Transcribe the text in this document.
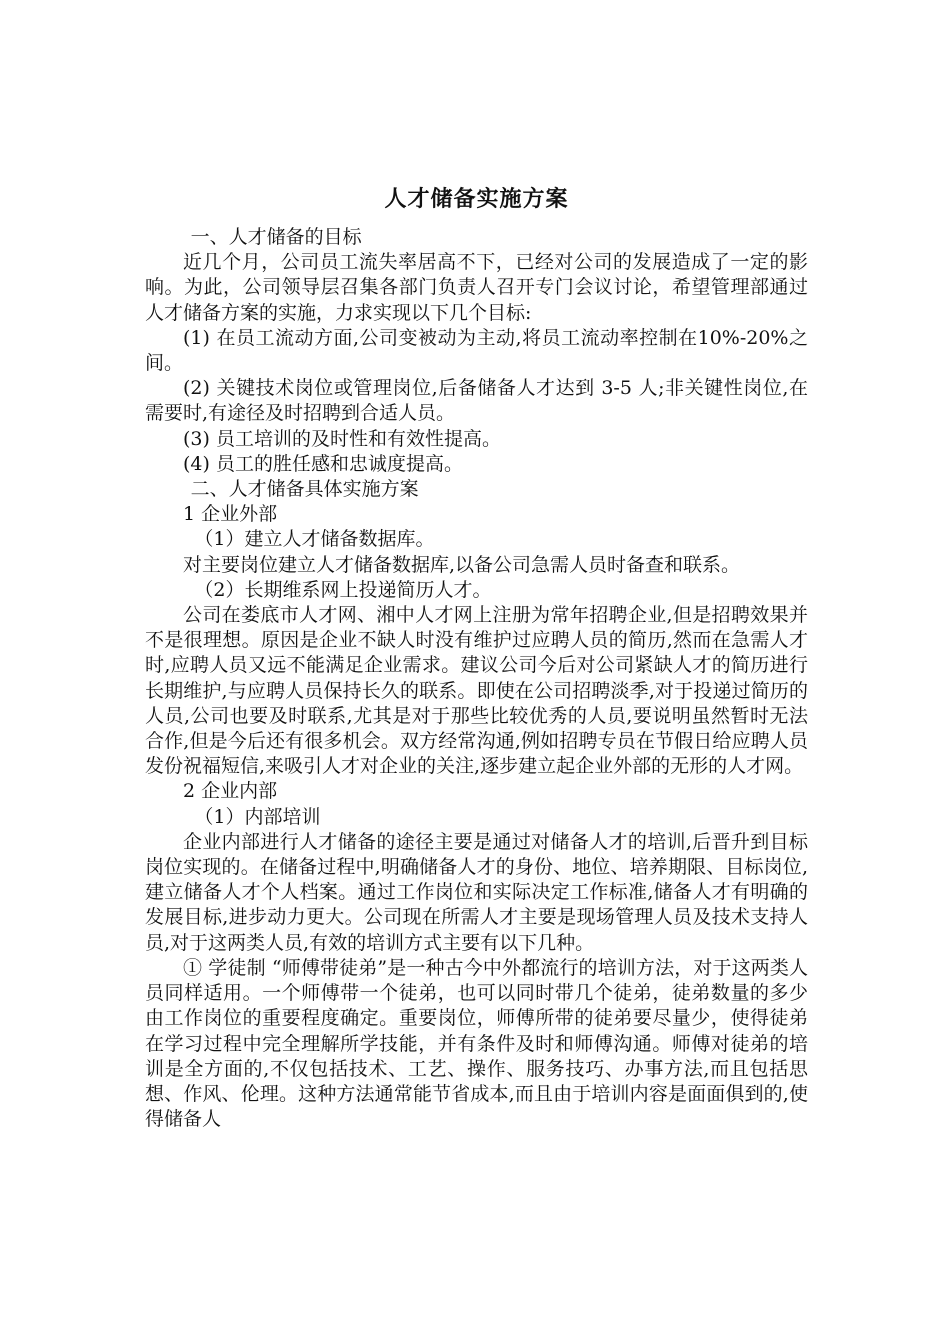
人才储备实施方案

一、人才储备的目标

近几个月，公司员工流失率居高不下，已经对公司的发展造成了一定的影响。为此，公司领导层召集各部门负责人召开专门会议讨论，希望管理部通过人才储备方案的实施，力求实现以下几个目标:

(1) 在员工流动方面,公司变被动为主动,将员工流动率控制在10%-20%之间。

(2) 关键技术岗位或管理岗位,后备储备人才达到 3-5 人;非关键性岗位,在需要时,有途径及时招聘到合适人员。

(3) 员工培训的及时性和有效性提高。

(4) 员工的胜任感和忠诚度提高。

二、人才储备具体实施方案

1 企业外部

（1）建立人才储备数据库。

对主要岗位建立人才储备数据库,以备公司急需人员时备查和联系。

（2）长期维系网上投递简历人才。

公司在娄底市人才网、湘中人才网上注册为常年招聘企业,但是招聘效果并不是很理想。原因是企业不缺人时没有维护过应聘人员的简历,然而在急需人才时,应聘人员又远不能满足企业需求。建议公司今后对公司紧缺人才的简历进行长期维护,与应聘人员保持长久的联系。即使在公司招聘淡季,对于投递过简历的人员,公司也要及时联系,尤其是对于那些比较优秀的人员,要说明虽然暂时无法合作,但是今后还有很多机会。双方经常沟通,例如招聘专员在节假日给应聘人员发份祝福短信,来吸引人才对企业的关注,逐步建立起企业外部的无形的人才网。

2 企业内部

（1）内部培训

企业内部进行人才储备的途径主要是通过对储备人才的培训,后晋升到目标岗位实现的。在储备过程中,明确储备人才的身份、地位、培养期限、目标岗位,建立储备人才个人档案。通过工作岗位和实际决定工作标准,储备人才有明确的发展目标,进步动力更大。公司现在所需人才主要是现场管理人员及技术支持人员,对于这两类人员,有效的培训方式主要有以下几种。

① 学徒制 “师傅带徒弟”是一种古今中外都流行的培训方法，对于这两类人员同样适用。一个师傅带一个徒弟，也可以同时带几个徒弟，徒弟数量的多少由工作岗位的重要程度确定。重要岗位，师傅所带的徒弟要尽量少，使得徒弟在学习过程中完全理解所学技能，并有条件及时和师傅沟通。师傅对徒弟的培训是全方面的,不仅包括技术、工艺、操作、服务技巧、办事方法,而且包括思想、作风、伦理。这种方法通常能节省成本,而且由于培训内容是面面俱到的,使得储备人
